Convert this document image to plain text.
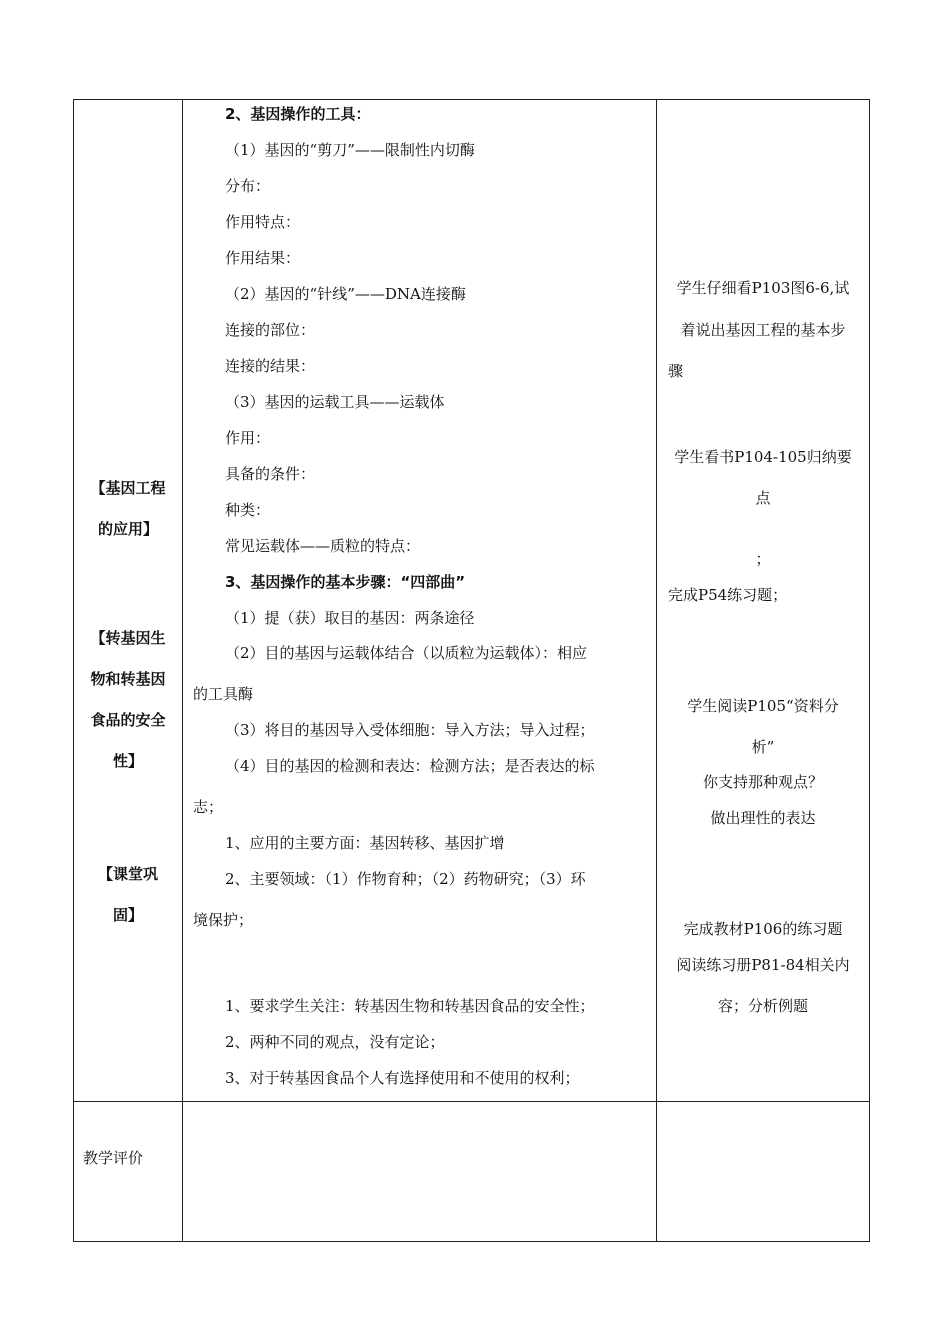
【基因工程
的应用】
【转基因生
物和转基因
食品的安全
性】
【课堂巩
固】
教学评价
2、基因操作的工具：
（1）基因的“剪刀”——限制性内切酶
分布：
作用特点：
作用结果：
（2）基因的“针线”——DNA连接酶
连接的部位：
连接的结果：
（3）基因的运载工具——运载体
作用：
具备的条件：
种类：
常见运载体——质粒的特点：
3、基因操作的基本步骤：“四部曲”
（1）提（获）取目的基因：两条途径
（2）目的基因与运载体结合（以质粒为运载体）：相应
的工具酶
（3）将目的基因导入受体细胞：导入方法；导入过程；
（4）目的基因的检测和表达：检测方法；是否表达的标
志；
1、应用的主要方面：基因转移、基因扩增
2、主要领域：（1）作物育种；（2）药物研究；（3）环
境保护；
1、要求学生关注：转基因生物和转基因食品的安全性；
2、两种不同的观点，没有定论；
3、对于转基因食品个人有选择使用和不使用的权利；
学生仔细看P103图6-6,试
着说出基因工程的基本步
骤
学生看书P104-105归纳要
点
；
完成P54练习题；
学生阅读P105“资料分
析”
你支持那种观点？
做出理性的表达
完成教材P106的练习题
阅读练习册P81-84相关内
容；分析例题
